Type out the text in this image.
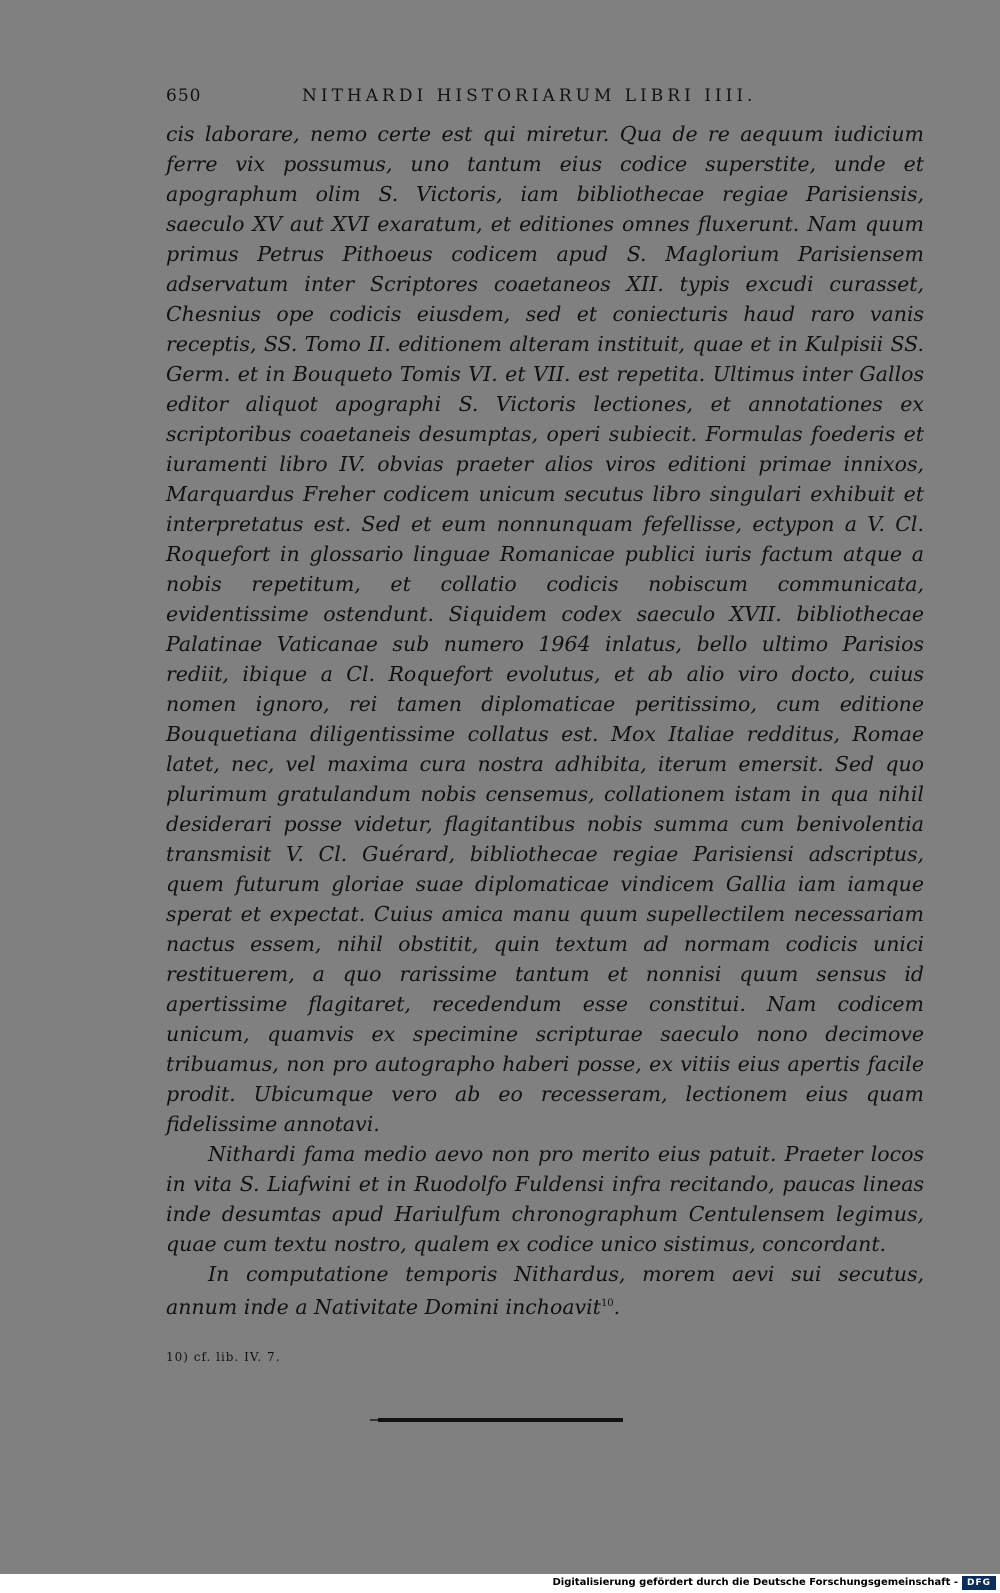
650	NITHARDI HISTORIARUM LIBRI IIII.

cis laborare, nemo certe est qui miretur. Qua de re aequum iudicium ferre vix possumus, uno tantum eius codice superstite, unde et apographum olim S. Victoris, iam bibliothecae regiae Parisiensis, saeculo XV aut XVI exaratum, et editiones omnes fluxerunt. Nam quum primus Petrus Pithoeus codicem apud S. Maglorium Parisiensem adservatum inter Scriptores coaetaneos XII. typis excudi curasset, Chesnius ope codicis eiusdem, sed et coniecturis haud raro vanis receptis, SS. Tomo II. editionem alteram instituit, quae et in Kulpisii SS. Germ. et in Bouqueto Tomis VI. et VII. est repetita. Ultimus inter Gallos editor aliquot apographi S. Victoris lectiones, et annotationes ex scriptoribus coaetaneis desumptas, operi subiecit. Formulas foederis et iuramenti libro IV. obvias praeter alios viros editioni primae innixos, Marquardus Freher codicem unicum secutus libro singulari exhibuit et interpretatus est. Sed et eum nonnunquam fefellisse, ectypon a V. Cl. Roquefort in glossario linguae Romanicae publici iuris factum atque a nobis repetitum, et collatio codicis nobiscum communicata, evidentissime ostendunt. Siquidem codex saeculo XVII. bibliothecae Palatinae Vaticanae sub numero 1964 inlatus, bello ultimo Parisios rediit, ibique a Cl. Roquefort evolutus, et ab alio viro docto, cuius nomen ignoro, rei tamen diplomaticae peritissimo, cum editione Bouquetiana diligentissime collatus est. Mox Italiae redditus, Romae latet, nec, vel maxima cura nostra adhibita, iterum emersit. Sed quo plurimum gratulandum nobis censemus, collationem istam in qua nihil desiderari posse videtur, flagitantibus nobis summa cum benivolentia transmisit V. Cl. Guérard, bibliothecae regiae Parisiensi adscriptus, quem futurum gloriae suae diplomaticae vindicem Gallia iam iamque sperat et expectat. Cuius amica manu quum supellectilem necessariam nactus essem, nihil obstitit, quin textum ad normam codicis unici restituerem, a quo rarissime tantum et nonnisi quum sensus id apertissime flagitaret, recedendum esse constitui. Nam codicem unicum, quamvis ex specimine scripturae saeculo nono decimove tribuamus, non pro autographo haberi posse, ex vitiis eius apertis facile prodit. Ubicumque vero ab eo recesseram, lectionem eius quam fidelissime annotavi.

Nithardi fama medio aevo non pro merito eius patuit. Praeter locos in vita S. Liafwini et in Ruodolfo Fuldensi infra recitando, paucas lineas inde desumtas apud Hariulfum chronographum Centulensem legimus, quae cum textu nostro, qualem ex codice unico sistimus, concordant.

In computatione temporis Nithardus, morem aevi sui secutus, annum inde a Nativitate Domini inchoavit$^{10}$.

10) cf. lib. IV. 7.
Digitalisierung gefördert durch die Deutsche Forschungsgemeinschaft - DFG
